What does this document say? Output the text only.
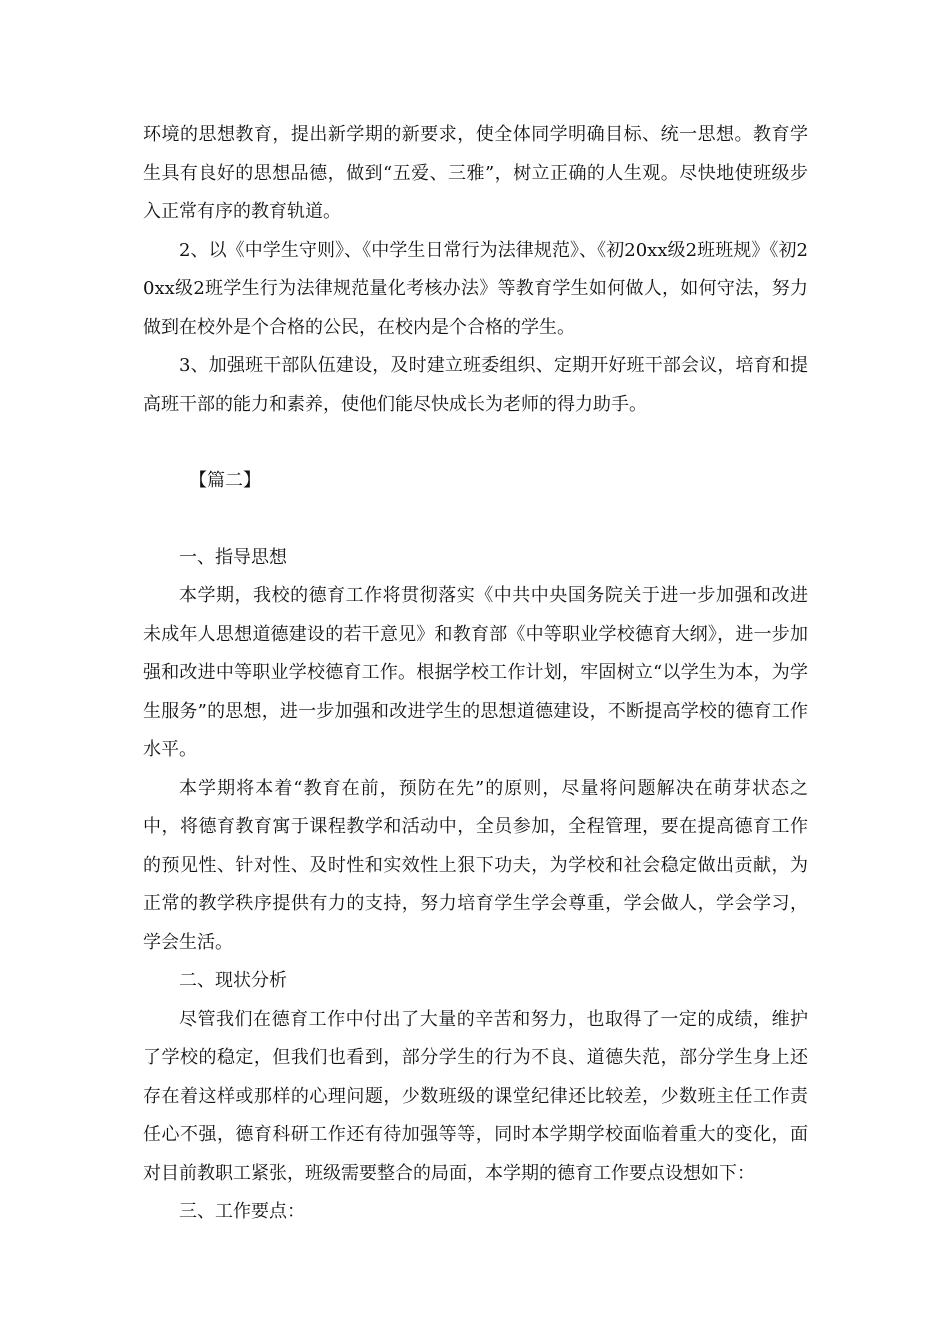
环境的思想教育，提出新学期的新要求，使全体同学明确目标、统一思想。教育学生具有良好的思想品德，做到“五爱、三雅”，树立正确的人生观。尽快地使班级步入正常有序的教育轨道。

2、以《中学生守则》、《中学生日常行为法律规范》、《初20xx级2班班规》《初20xx级2班学生行为法律规范量化考核办法》等教育学生如何做人，如何守法，努力做到在校外是个合格的公民，在校内是个合格的学生。

3、加强班干部队伍建设，及时建立班委组织、定期开好班干部会议，培育和提高班干部的能力和素养，使他们能尽快成长为老师的得力助手。

【篇二】

一、指导思想

本学期，我校的德育工作将贯彻落实《中共中央国务院关于进一步加强和改进未成年人思想道德建设的若干意见》和教育部《中等职业学校德育大纲》，进一步加强和改进中等职业学校德育工作。根据学校工作计划，牢固树立“以学生为本，为学生服务”的思想，进一步加强和改进学生的思想道德建设，不断提高学校的德育工作水平。

本学期将本着“教育在前，预防在先”的原则，尽量将问题解决在萌芽状态之中，将德育教育寓于课程教学和活动中，全员参加，全程管理，要在提高德育工作的预见性、针对性、及时性和实效性上狠下功夫，为学校和社会稳定做出贡献，为正常的教学秩序提供有力的支持，努力培育学生学会尊重，学会做人，学会学习，学会生活。

二、现状分析

尽管我们在德育工作中付出了大量的辛苦和努力，也取得了一定的成绩，维护了学校的稳定，但我们也看到，部分学生的行为不良、道德失范，部分学生身上还存在着这样或那样的心理问题，少数班级的课堂纪律还比较差，少数班主任工作责任心不强，德育科研工作还有待加强等等，同时本学期学校面临着重大的变化，面对目前教职工紧张，班级需要整合的局面，本学期的德育工作要点设想如下：

三、工作要点：
